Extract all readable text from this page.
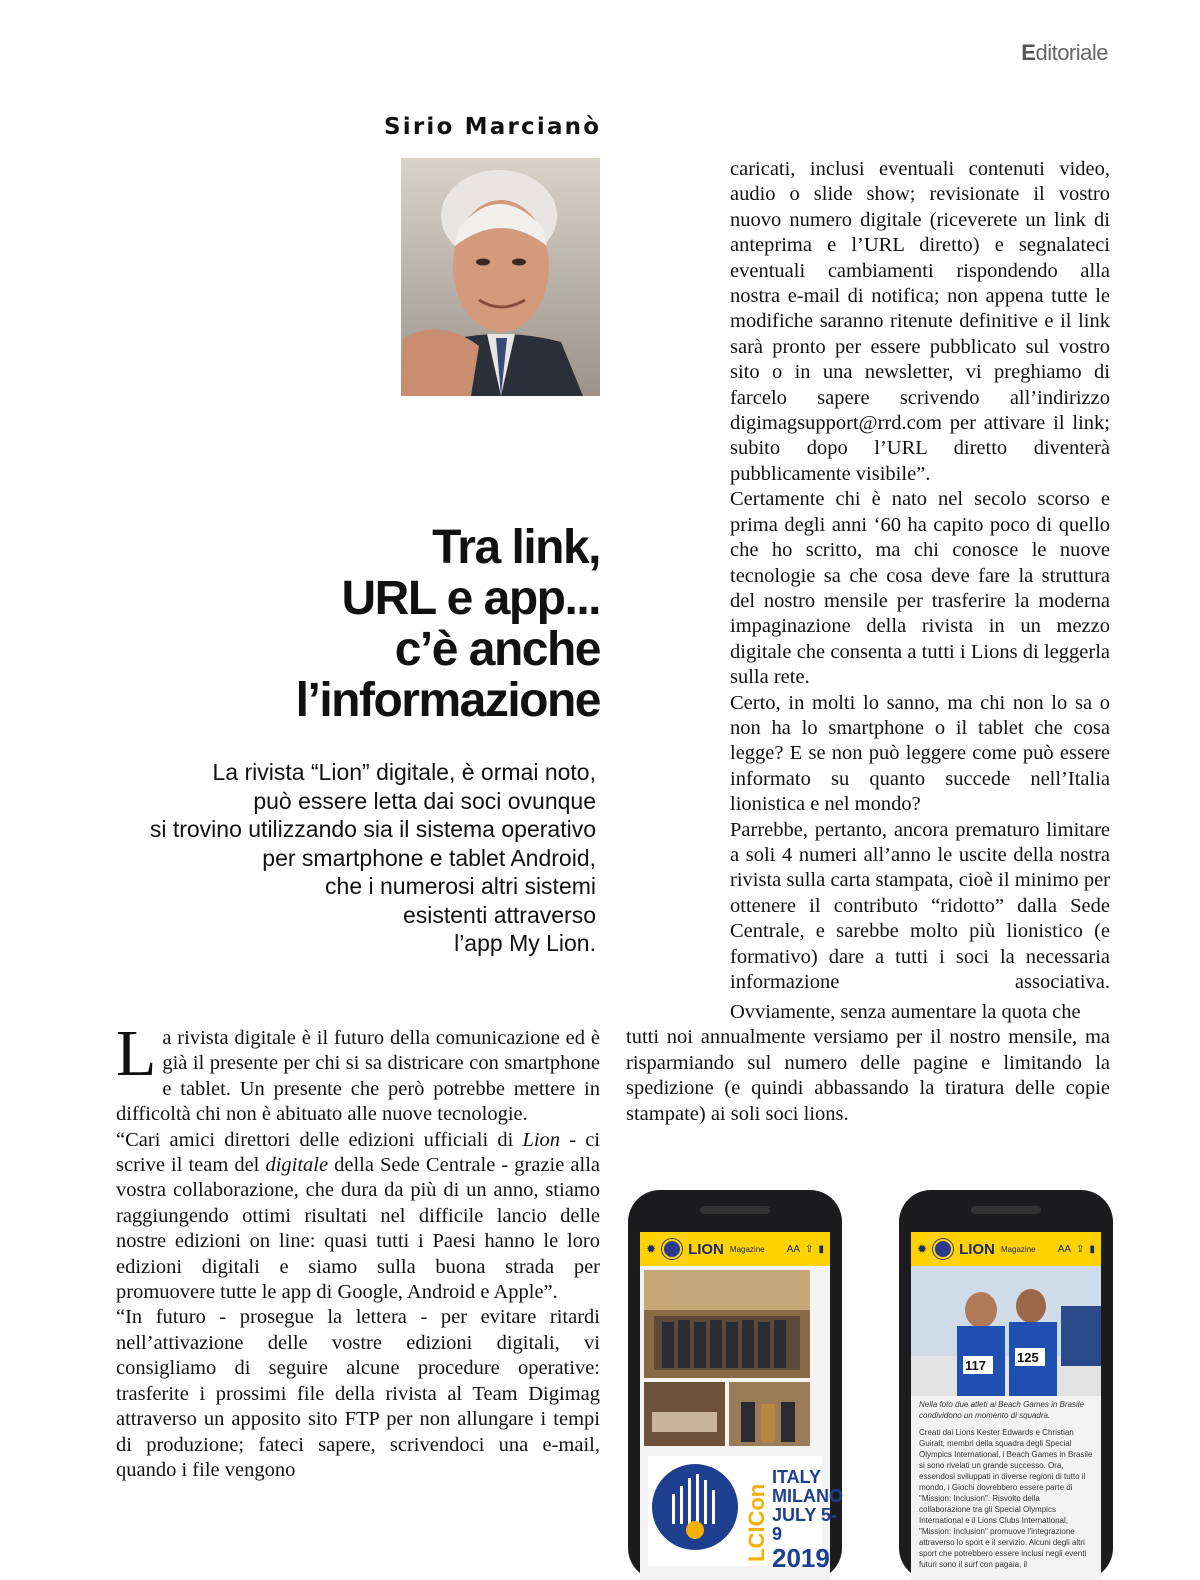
Editoriale
Sirio Marcianò
Tra link,
URL e app...
c’è anche
l’informazione
La rivista “Lion” digitale, è ormai noto,
può essere letta dai soci ovunque
si trovino utilizzando sia il sistema operativo
per smartphone e tablet Android,
che i numerosi altri sistemi
esistenti attraverso
l’app My Lion.

caricati, inclusi eventuali contenuti video, audio o slide show; revisionate il vostro nuovo numero digitale (riceverete un link di anteprima e l’URL diretto) e segnalateci eventuali cambiamenti rispondendo alla nostra e-mail di notifica; non appena tutte le modifiche saranno ritenute definitive e il link sarà pronto per essere pubblicato sul vostro sito o in una newsletter, vi preghiamo di farcelo sapere scrivendo all’indirizzo digimagsupport@rrd.com per attivare il link; subito dopo l’URL diretto diventerà pubblicamente visibile”.

Certamente chi è nato nel secolo scorso e prima degli anni ‘60 ha capito poco di quello che ho scritto, ma chi conosce le nuove tecnologie sa che cosa deve fare la struttura del nostro mensile per trasferire la moderna impaginazione della rivista in un mezzo digitale che consenta a tutti i Lions di leggerla sulla rete.

Certo, in molti lo sanno, ma chi non lo sa o non ha lo smartphone o il tablet che cosa legge? E se non può leggere come può essere informato su quanto succede nell’Italia lionistica e nel mondo?

Parrebbe, pertanto, ancora prematuro limitare a soli 4 numeri all’anno le uscite della nostra rivista sulla carta stampata, cioè il minimo per ottenere il contributo “ridotto” dalla Sede Centrale, e sarebbe molto più lionistico (e formativo) dare a tutti i soci la necessaria informazione associativa.

Ovviamente, senza aumentare la quota che
tutti noi annualmente versiamo per il nostro mensile, ma risparmiando sul numero delle pagine e limitando la spedizione (e quindi abbassando la tiratura delle copie stampate) ai soli soci lions.

La rivista digitale è il futuro della comunicazione ed è già il presente per chi si sa districare con smartphone e tablet. Un presente che però potrebbe mettere in difficoltà chi non è abituato alle nuove tecnologie.

“Cari amici direttori delle edizioni ufficiali di Lion - ci scrive il team del digitale della Sede Centrale - grazie alla vostra collaborazione, che dura da più di un anno, stiamo raggiungendo ottimi risultati nel difficile lancio delle nostre edizioni on line: quasi tutti i Paesi hanno le loro edizioni digitali e siamo sulla buona strada per promuovere tutte le app di Google, Android e Apple”.

“In futuro - prosegue la lettera - per evitare ritardi nell’attivazione delle vostre edizioni digitali, vi consigliamo di seguire alcune procedure operative: trasferite i prossimi file della rivista al Team Digimag attraverso un apposito sito FTP per non allungare i tempi di produzione; fateci sapere, scrivendoci una e-mail, quando i file vengono

✹ LION Magazine AA ⇪ ▮
LCICon
ITALY
MILANO
JULY 5-9
2019
✹ LION Magazine AA ⇪ ▮
117
125
Nella foto due atleti ai Beach Games in Brasile condividono un momento di squadra.
Creati dai Lions Kester Edwards e Christian Guiralt, membri della squadra degli Special Olympics International, i Beach Games in Brasile si sono rivelati un grande successo. Ora, essendosi sviluppati in diverse regioni di tutto il mondo, i Giochi dovrebbero essere parte di "Mission: Inclusion". Risvolto della collaborazione tra gli Special Olympics International e il Lions Clubs International, "Mission: Inclusion" promuove l'integrazione attraverso lo sport e il servizio. Alcuni degli altri sport che potrebbero essere inclusi negli eventi futuri sono il surf con pagaia, il
